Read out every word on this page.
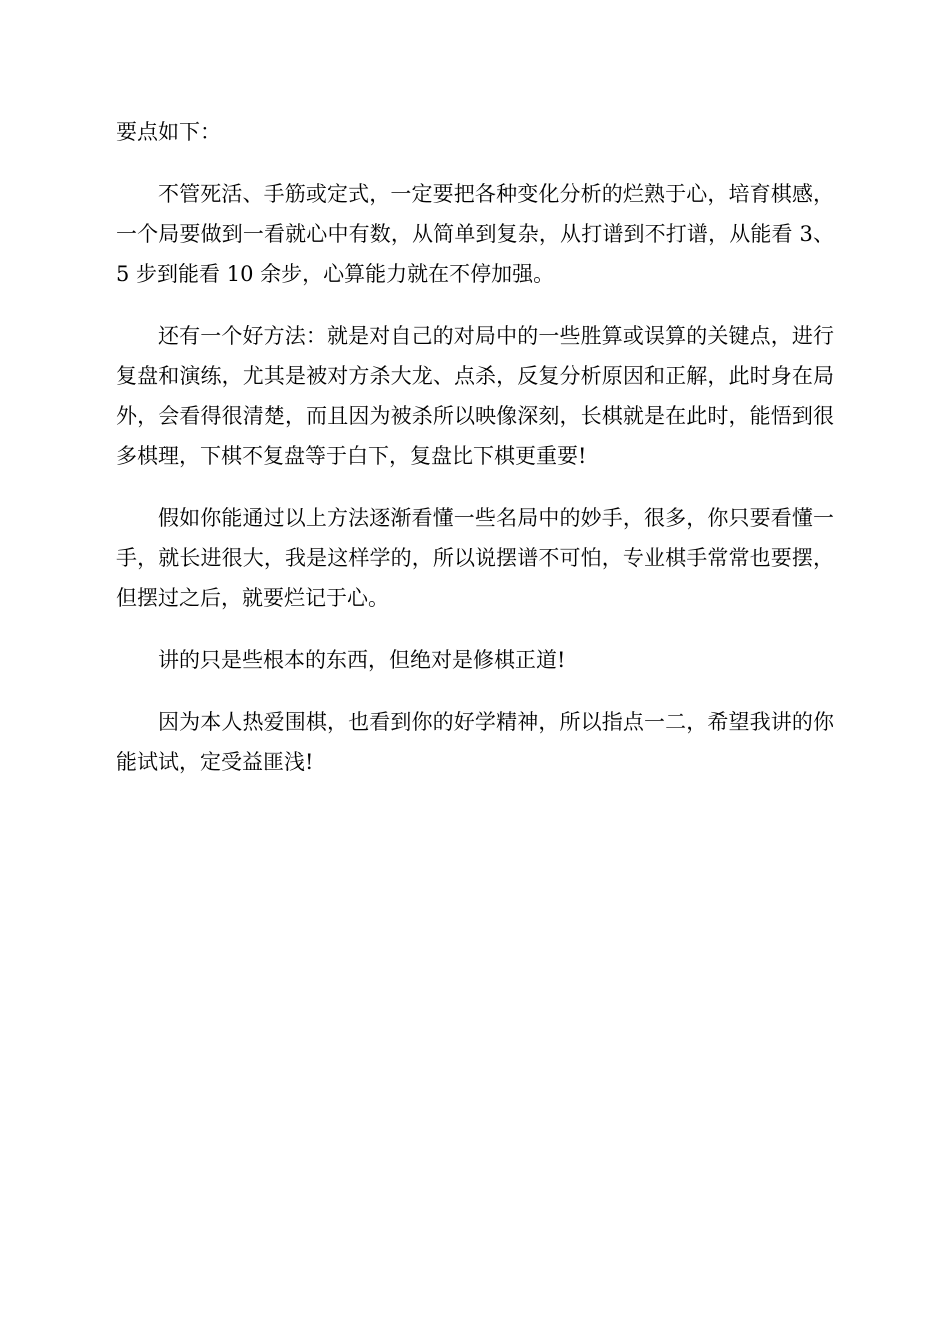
要点如下：

不管死活、手筋或定式，一定要把各种变化分析的烂熟于心，培育棋感，一个局要做到一看就心中有数，从简单到复杂，从打谱到不打谱，从能看 3、5 步到能看 10 余步，心算能力就在不停加强。

还有一个好方法：就是对自己的对局中的一些胜算或误算的关键点，进行复盘和演练，尤其是被对方杀大龙、点杀，反复分析原因和正解，此时身在局外，会看得很清楚，而且因为被杀所以映像深刻，长棋就是在此时，能悟到很多棋理，下棋不复盘等于白下，复盘比下棋更重要!

假如你能通过以上方法逐渐看懂一些名局中的妙手，很多，你只要看懂一手，就长进很大，我是这样学的，所以说摆谱不可怕，专业棋手常常也要摆，但摆过之后，就要烂记于心。

讲的只是些根本的东西，但绝对是修棋正道!

因为本人热爱围棋，也看到你的好学精神，所以指点一二，希望我讲的你能试试，定受益匪浅!
